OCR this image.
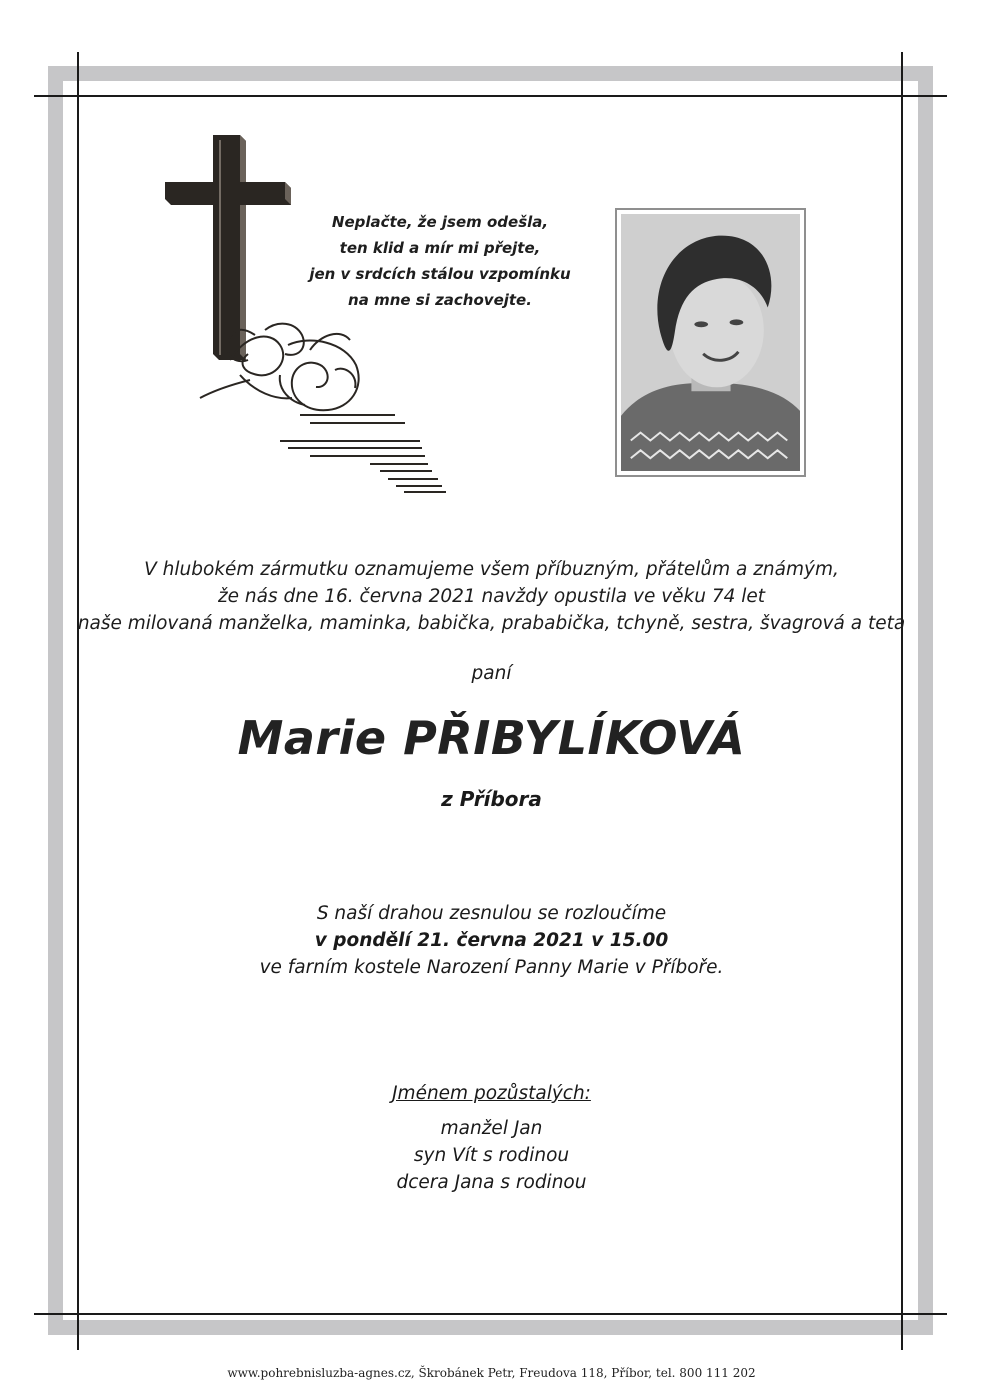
Neplačte, že jsem odešla,
ten klid a mír mi přejte,
jen v srdcích stálou vzpomínku
na mne si zachovejte.
V hlubokém zármutku oznamujeme všem příbuzným, přátelům a známým,
že nás dne 16. června 2021 navždy opustila ve věku 74 let
naše milovaná manželka, maminka, babička, prababička, tchyně, sestra, švagrová a teta
paní
Marie PŘIBYLÍKOVÁ
z Příbora
S naší drahou zesnulou se rozloučíme
v pondělí 21. června 2021 v 15.00
ve farním kostele Narození Panny Marie v Příboře.
Jménem pozůstalých:
manžel Jan
syn Vít s rodinou
dcera Jana s rodinou
www.pohrebnisluzba-agnes.cz, Škrobánek Petr, Freudova 118, Příbor, tel. 800 111 202
